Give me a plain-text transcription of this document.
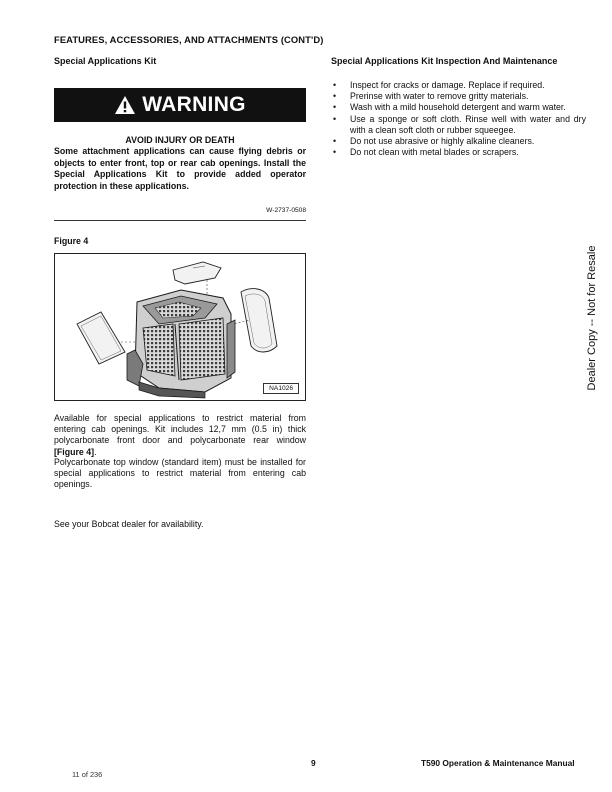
FEATURES, ACCESSORIES, AND ATTACHMENTS (CONT'D)
Special Applications Kit	Special Applications Kit Inspection And Maintenance
WARNING
AVOID INJURY OR DEATH
Some attachment applications can cause flying debris or objects to enter front, top or rear cab openings. Install the Special Applications Kit to provide added operator protection in these applications.
W-2737-0508
Figure 4
NA1026
Available for special applications to restrict material from entering cab openings. Kit includes 12,7 mm (0.5 in) thick polycarbonate front door and polycarbonate rear window [Figure 4].
Polycarbonate top window (standard item) must be installed for special applications to restrict material from entering cab openings.
See your Bobcat dealer for availability.
• Inspect for cracks or damage. Replace if required.
• Prerinse with water to remove gritty materials.
• Wash with a mild household detergent and warm water.
• Use a sponge or soft cloth. Rinse well with water and dry with a clean soft cloth or rubber squeegee.
• Do not use abrasive or highly alkaline cleaners.
• Do not clean with metal blades or scrapers.
Dealer Copy -- Not for Resale
9	T590 Operation & Maintenance Manual
11 of 236
